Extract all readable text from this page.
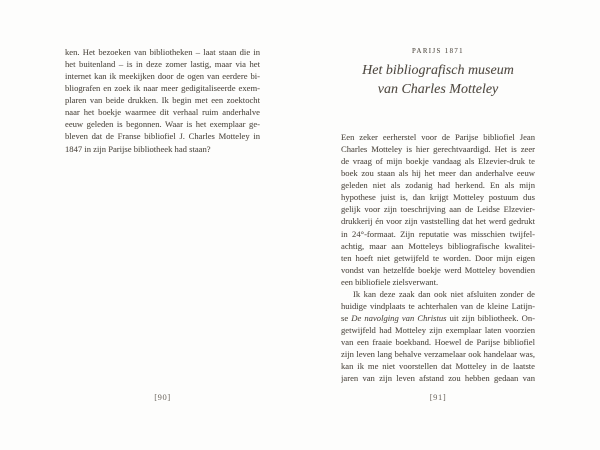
ken. Het bezoeken van bibliotheken – laat staan die in
het buitenland – is in deze zomer lastig, maar via het
internet kan ik meekijken door de ogen van eerdere bi-
bliografen en zoek ik naar meer gedigitaliseerde exem-
plaren van beide drukken. Ik begin met een zoektocht
naar het boekje waarmee dit verhaal ruim anderhalve
eeuw geleden is begonnen. Waar is het exemplaar ge-
bleven dat de Franse bibliofiel J. Charles Motteley in
1847 in zijn Parijse bibliotheek had staan?
[90]
PARIJS 1871
Het bibliografisch museum
van Charles Motteley
Een zeker eerherstel voor de Parijse bibliofiel Jean
Charles Motteley is hier gerechtvaardigd. Het is zeer
de vraag of mijn boekje vandaag als Elzevier-druk te
boek zou staan als hij het meer dan anderhalve eeuw
geleden niet als zodanig had herkend. En als mijn
hypothese juist is, dan krijgt Motteley postuum dus
gelijk voor zijn toeschrijving aan de Leidse Elzevier-
drukkerij én voor zijn vaststelling dat het werd gedrukt
in 24°-formaat. Zijn reputatie was misschien twijfel-
achtig, maar aan Motteleys bibliografische kwalitei-
ten hoeft niet getwijfeld te worden. Door mijn eigen
vondst van hetzelfde boekje werd Motteley bovendien
een bibliofiele zielsverwant.
Ik kan deze zaak dan ook niet afsluiten zonder de
huidige vindplaats te achterhalen van de kleine Latijn-
se De navolging van Christus uit zijn bibliotheek. On-
getwijfeld had Motteley zijn exemplaar laten voorzien
van een fraaie boekband. Hoewel de Parijse bibliofiel
zijn leven lang behalve verzamelaar ook handelaar was,
kan ik me niet voorstellen dat Motteley in de laatste
jaren van zijn leven afstand zou hebben gedaan van
[91]
